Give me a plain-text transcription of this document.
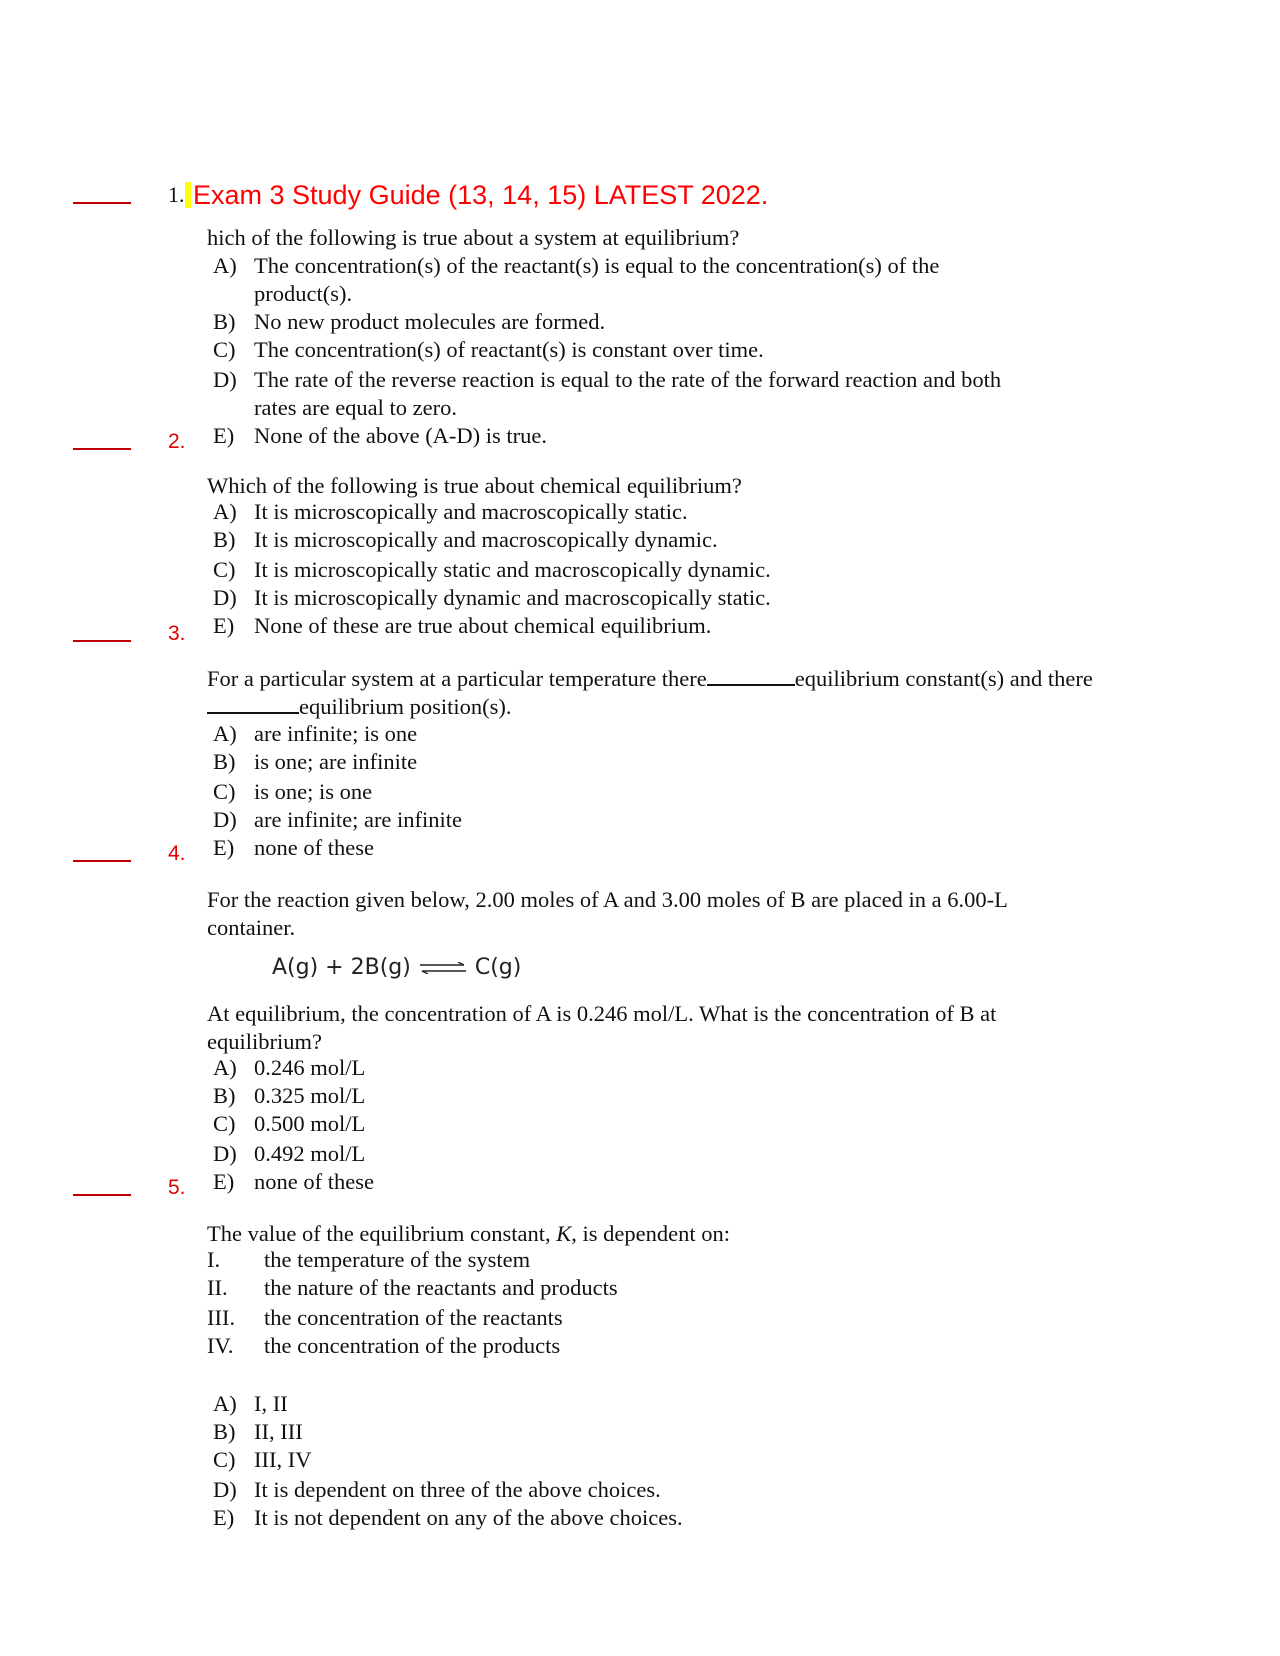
1.
2.
3.
4.
5.
Exam 3 Study Guide (13, 14, 15) LATEST 2022.
hich of the following is true about a system at equilibrium?
A) The concentration(s) of the reactant(s) is equal to the concentration(s) of the
product(s).
B) No new product molecules are formed.
C) The concentration(s) of reactant(s) is constant over time.
D) The rate of the reverse reaction is equal to the rate of the forward reaction and both
rates are equal to zero.
E) None of the above (A-D) is true.
Which of the following is true about chemical equilibrium?
A) It is microscopically and macroscopically static.
B) It is microscopically and macroscopically dynamic.
C) It is microscopically static and macroscopically dynamic.
D) It is microscopically dynamic and macroscopically static.
E) None of these are true about chemical equilibrium.
For a particular system at a particular temperature there	equilibrium constant(s) and there
equilibrium position(s).
A) are infinite; is one
B) is one; are infinite
C) is one; is one
D) are infinite; are infinite
E) none of these
For the reaction given below, 2.00 moles of A and 3.00 moles of B are placed in a 6.00-L
container.
A(g) + 2B(g) ⇌ C(g)
At equilibrium, the concentration of A is 0.246 mol/L. What is the concentration of B at
equilibrium?
A) 0.246 mol/L
B) 0.325 mol/L
C) 0.500 mol/L
D) 0.492 mol/L
E) none of these
The value of the equilibrium constant, K, is dependent on:
I. the temperature of the system
II. the nature of the reactants and products
III. the concentration of the reactants
IV. the concentration of the products
A) I, II
B) II, III
C) III, IV
D) It is dependent on three of the above choices.
E) It is not dependent on any of the above choices.
